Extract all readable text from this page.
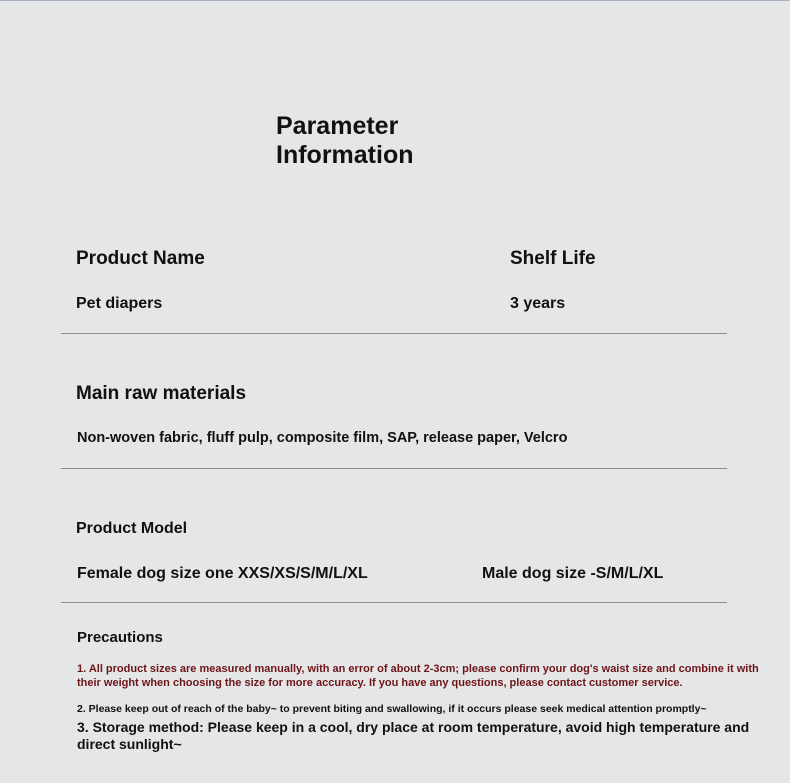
Parameter Information
Product Name
Pet diapers
Shelf Life
3 years
Main raw materials
Non-woven fabric, fluff pulp, composite film, SAP, release paper, Velcro
Product Model
Female dog size one XXS/XS/S/M/L/XL	Male dog size -S/M/L/XL
Precautions
1. All product sizes are measured manually, with an error of about 2-3cm; please confirm your dog's waist size and combine it with their weight when choosing the size for more accuracy. If you have any questions, please contact customer service.
2. Please keep out of reach of the baby~ to prevent biting and swallowing, if it occurs please seek medical attention promptly~
3. Storage method: Please keep in a cool, dry place at room temperature, avoid high temperature and direct sunlight~
